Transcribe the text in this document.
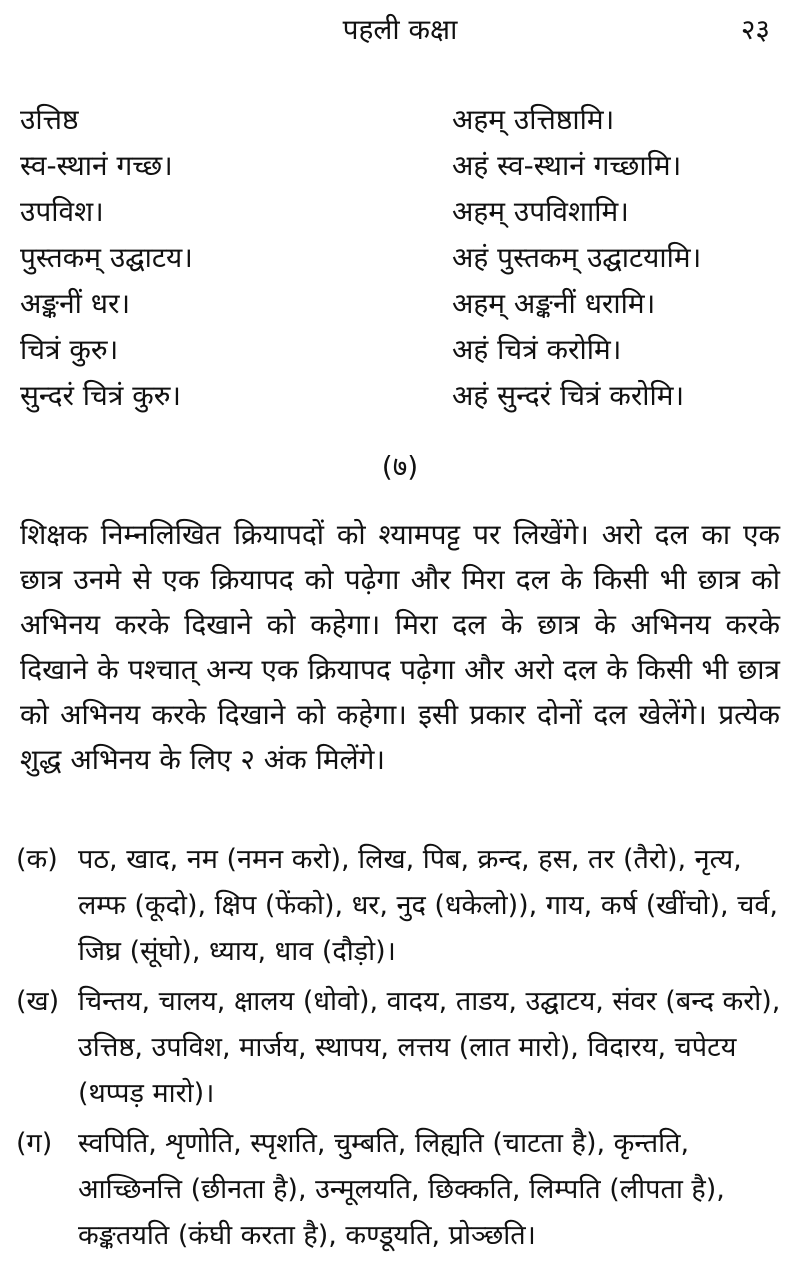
पहली कक्षा	२३
उत्तिष्ठ	अहम् उत्तिष्ठामि।
स्व-स्थानं गच्छ।	अहं स्व-स्थानं गच्छामि।
उपविश।	अहम् उपविशामि।
पुस्तकम् उद्घाटय।	अहं पुस्तकम् उद्घाटयामि।
अङ्कनीं धर।	अहम् अङ्कनीं धरामि।
चित्रं कुरु।	अहं चित्रं करोमि।
सुन्दरं चित्रं कुरु।	अहं सुन्दरं चित्रं करोमि।
(७)

शिक्षक निम्नलिखित क्रियापदों को श्यामपट्ट पर लिखेंगे। अरो दल का एक छात्र उनमे से एक क्रियापद को पढ़ेगा और मिरा दल के किसी भी छात्र को अभिनय करके दिखाने को कहेगा। मिरा दल के छात्र के अभिनय करके दिखाने के पश्चात् अन्य एक क्रियापद पढ़ेगा और अरो दल के किसी भी छात्र को अभिनय करके दिखाने को कहेगा। इसी प्रकार दोनों दल खेलेंगे। प्रत्येक शुद्ध अभिनय के लिए २ अंक मिलेंगे।

(क) पठ, खाद, नम (नमन करो), लिख, पिब, क्रन्द, हस, तर (तैरो), नृत्य, लम्फ (कूदो), क्षिप (फेंको), धर, नुद (धकेलो)), गाय, कर्ष (खींचो), चर्व, जिघ्र (सूंघो), ध्याय, धाव (दौड़ो)।
(ख) चिन्तय, चालय, क्षालय (धोवो), वादय, ताडय, उद्घाटय, संवर (बन्द करो), उत्तिष्ठ, उपविश, मार्जय, स्थापय, लत्तय (लात मारो), विदारय, चपेटय (थप्पड़ मारो)।
(ग) स्वपिति, शृणोति, स्पृशति, चुम्बति, लिह्यति (चाटता है), कृन्तति, आच्छिनत्ति (छीनता है), उन्मूलयति, छिक्कति, लिम्पति (लीपता है), कङ्कतयति (कंघी करता है), कण्डूयति, प्रोञ्छति।
